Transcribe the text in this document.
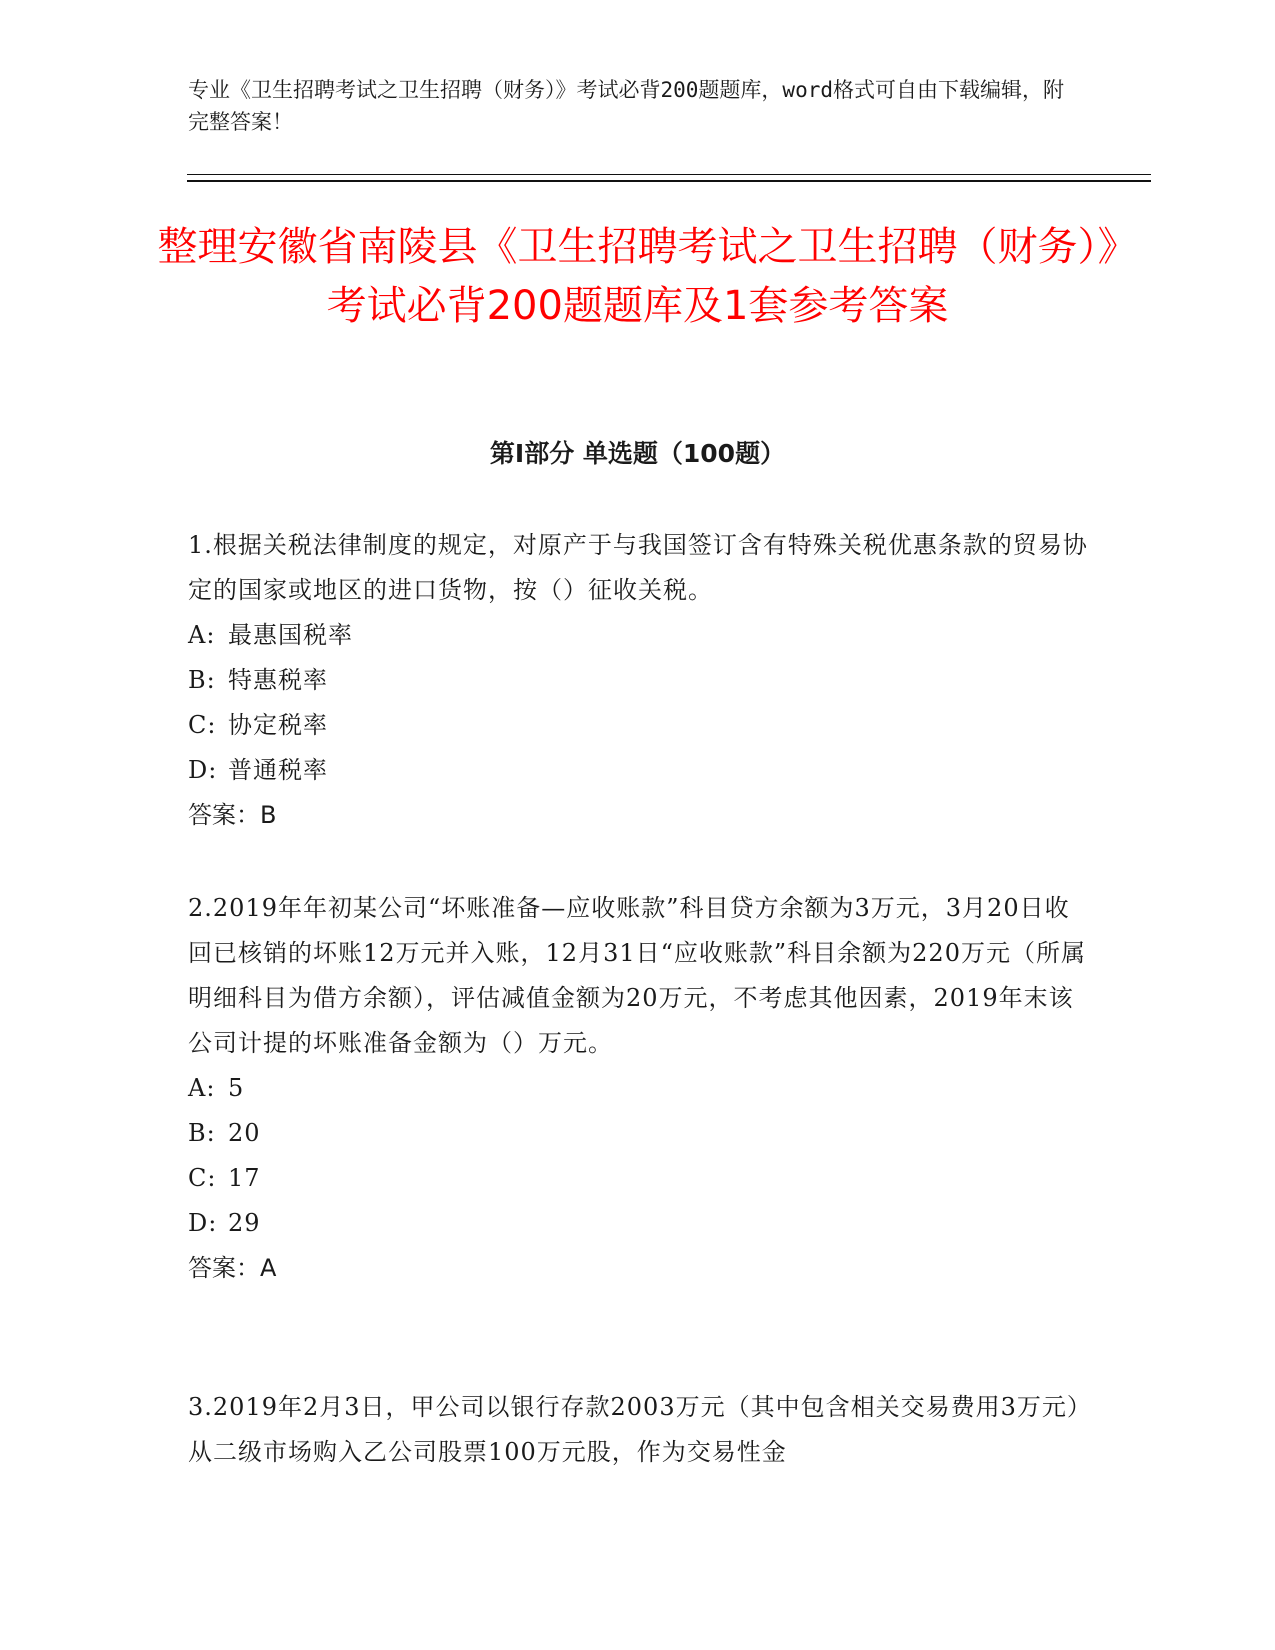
专业《卫生招聘考试之卫生招聘（财务）》考试必背200题题库，word格式可自由下载编辑，附完整答案！
整理安徽省南陵县《卫生招聘考试之卫生招聘（财务）》考试必背200题题库及1套参考答案
第Ⅰ部分 单选题（100题）

1.根据关税法律制度的规定，对原产于与我国签订含有特殊关税优惠条款的贸易协定的国家或地区的进口货物，按（）征收关税。

A: 最惠国税率
B: 特惠税率
C: 协定税率
D: 普通税率
答案：B

2.2019年年初某公司“坏账准备—应收账款”科目贷方余额为3万元，3月20日收回已核销的坏账12万元并入账，12月31日“应收账款”科目余额为220万元（所属明细科目为借方余额），评估减值金额为20万元，不考虑其他因素，2019年末该公司计提的坏账准备金额为（）万元。

A: 5
B: 20
C: 17
D: 29
答案：A

3.2019年2月3日，甲公司以银行存款2003万元（其中包含相关交易费用3万元）从二级市场购入乙公司股票100万元股，作为交易性金
